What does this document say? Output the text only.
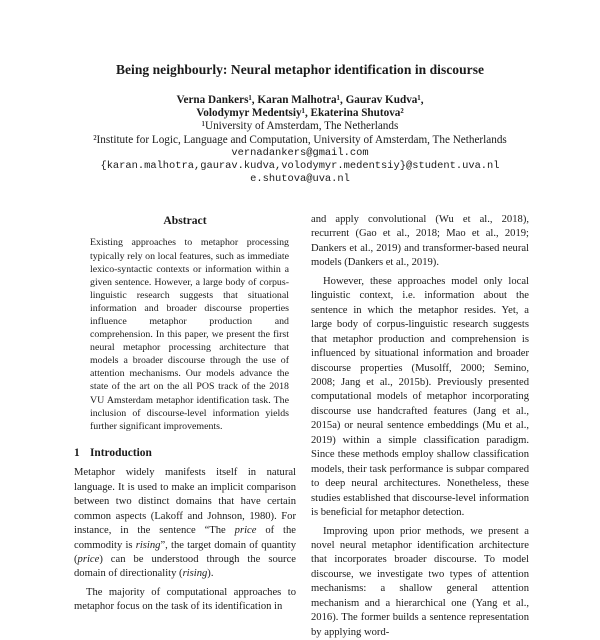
Being neighbourly: Neural metaphor identification in discourse
Verna Dankers¹, Karan Malhotra¹, Gaurav Kudva¹,
Volodymyr Medentsiy¹, Ekaterina Shutova²
¹University of Amsterdam, The Netherlands
²Institute for Logic, Language and Computation, University of Amsterdam, The Netherlands
vernadankers@gmail.com
{karan.malhotra,gaurav.kudva,volodymyr.medentsiy}@student.uva.nl
e.shutova@uva.nl
Abstract

Existing approaches to metaphor processing typically rely on local features, such as immediate lexico-syntactic contexts or information within a given sentence. However, a large body of corpus-linguistic research suggests that situational information and broader discourse properties influence metaphor production and comprehension. In this paper, we present the first neural metaphor processing architecture that models a broader discourse through the use of attention mechanisms. Our models advance the state of the art on the all POS track of the 2018 VU Amsterdam metaphor identification task. The inclusion of discourse-level information yields further significant improvements.

1 Introduction

Metaphor widely manifests itself in natural language. It is used to make an implicit comparison between two distinct domains that have certain common aspects (Lakoff and Johnson, 1980). For instance, in the sentence “The price of the commodity is rising”, the target domain of quantity (price) can be understood through the source domain of directionality (rising).

The majority of computational approaches to metaphor focus on the task of its identification in

and apply convolutional (Wu et al., 2018), recurrent (Gao et al., 2018; Mao et al., 2019; Dankers et al., 2019) and transformer-based neural models (Dankers et al., 2019).

However, these approaches model only local linguistic context, i.e. information about the sentence in which the metaphor resides. Yet, a large body of corpus-linguistic research suggests that metaphor production and comprehension is influenced by situational information and broader discourse properties (Musolff, 2000; Semino, 2008; Jang et al., 2015b). Previously presented computational models of metaphor incorporating discourse use handcrafted features (Jang et al., 2015a) or neural sentence embeddings (Mu et al., 2019) within a simple classification paradigm. Since these methods employ shallow classification models, their task performance is subpar compared to deep neural architectures. Nonetheless, these studies established that discourse-level information is beneficial for metaphor detection.

Improving upon prior methods, we present a novel neural metaphor identification architecture that incorporates broader discourse. To model discourse, we investigate two types of attention mechanisms: a shallow general attention mechanism and a hierarchical one (Yang et al., 2016). The former builds a sentence representation by applying word-
